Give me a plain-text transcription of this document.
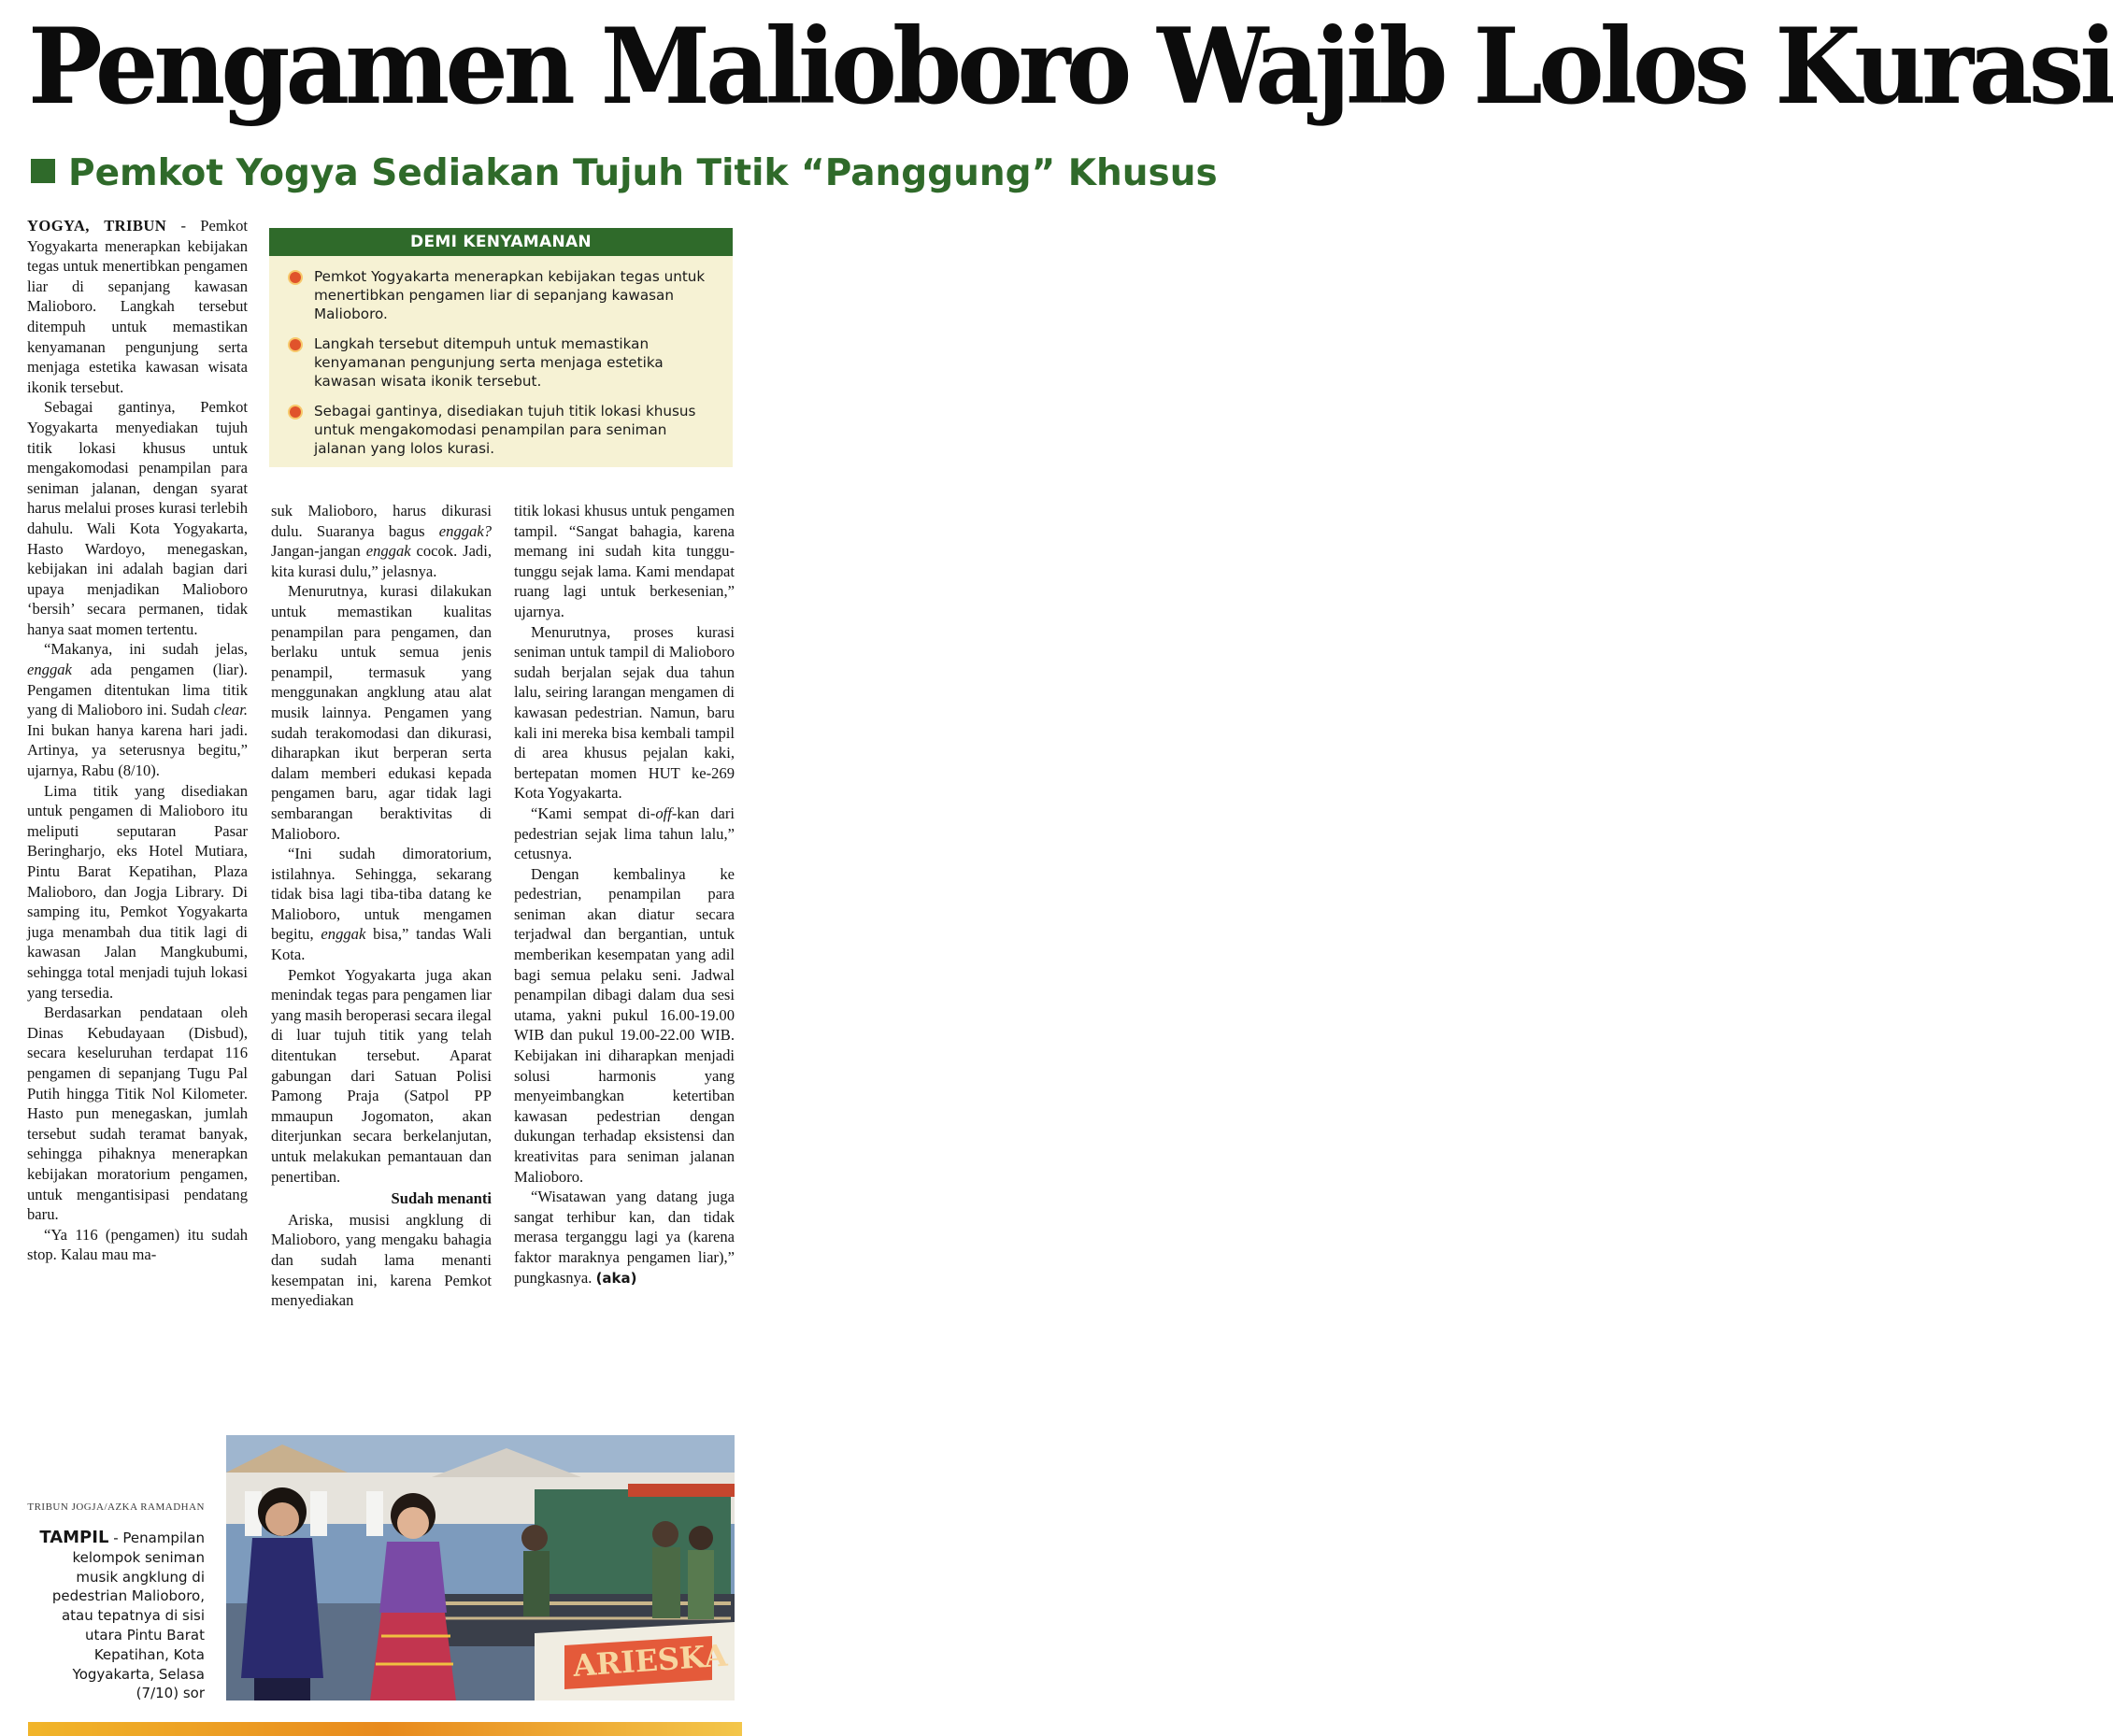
Pengamen Malioboro Wajib Lolos Kurasi
Pemkot Yogya Sediakan Tujuh Titik “Panggung” Khusus

YOGYA, TRIBUN - Pemkot Yogyakarta menerapkan kebijakan tegas untuk menertibkan pengamen liar di sepanjang kawasan Malioboro. Langkah tersebut ditempuh untuk memastikan kenyamanan pengunjung serta menjaga estetika kawasan wisata ikonik tersebut.

Sebagai gantinya, Pemkot Yogyakarta menyediakan tujuh titik lokasi khusus untuk mengakomodasi penampilan para seniman jalanan, dengan syarat harus melalui proses kurasi terlebih dahulu. Wali Kota Yogyakarta, Hasto Wardoyo, menegaskan, kebijakan ini adalah bagian dari upaya menjadikan Malioboro ‘bersih’ secara permanen, tidak hanya saat momen tertentu.

“Makanya, ini sudah jelas, enggak ada pengamen (liar). Pengamen ditentukan lima titik yang di Malioboro ini. Sudah clear. Ini bukan hanya karena hari jadi. Artinya, ya seterusnya begitu,” ujarnya, Rabu (8/10).

Lima titik yang disediakan untuk pengamen di Malioboro itu meliputi seputaran Pasar Beringharjo, eks Hotel Mutiara, Pintu Barat Kepatihan, Plaza Malioboro, dan Jogja Library. Di samping itu, Pemkot Yogyakarta juga menambah dua titik lagi di kawasan Jalan Mangkubumi, sehingga total menjadi tujuh lokasi yang tersedia.

Berdasarkan pendataan oleh Dinas Kebudayaan (Disbud), secara keseluruhan terdapat 116 pengamen di sepanjang Tugu Pal Putih hingga Titik Nol Kilometer. Hasto pun menegaskan, jumlah tersebut sudah teramat banyak, sehingga pihaknya menerapkan kebijakan moratorium pengamen, untuk mengantisipasi pendatang baru.

“Ya 116 (pengamen) itu sudah stop. Kalau mau ma-

DEMI KENYAMANAN
Pemkot Yogyakarta menerapkan kebijakan tegas untuk menertibkan pengamen liar di sepanjang kawasan Malioboro.
Langkah tersebut ditempuh untuk memastikan kenyamanan pengunjung serta menjaga estetika kawasan wisata ikonik tersebut.
Sebagai gantinya, disediakan tujuh titik lokasi khusus untuk mengakomodasi penampilan para seniman jalanan yang lolos kurasi.

suk Malioboro, harus dikurasi dulu. Suaranya bagus enggak? Jangan-jangan enggak cocok. Jadi, kita kurasi dulu,” jelasnya.

Menurutnya, kurasi dilakukan untuk memastikan kualitas penampilan para pengamen, dan berlaku untuk semua jenis penampil, termasuk yang menggunakan angklung atau alat musik lainnya. Pengamen yang sudah terakomodasi dan dikurasi, diharapkan ikut berperan serta dalam memberi edukasi kepada pengamen baru, agar tidak lagi sembarangan beraktivitas di Malioboro.

“Ini sudah dimoratorium, istilahnya. Sehingga, sekarang tidak bisa lagi tiba-tiba datang ke Malioboro, untuk mengamen begitu, enggak bisa,” tandas Wali Kota.

Pemkot Yogyakarta juga akan menindak tegas para pengamen liar yang masih beroperasi secara ilegal di luar tujuh titik yang telah ditentukan tersebut. Aparat gabungan dari Satuan Polisi Pamong Praja (Satpol PP mmaupun Jogomaton, akan diterjunkan secara berkelanjutan, untuk melakukan pemantauan dan penertiban.

Sudah menanti

Ariska, musisi angklung di Malioboro, yang mengaku bahagia dan sudah lama menanti kesempatan ini, karena Pemkot menyediakan

titik lokasi khusus untuk pengamen tampil. “Sangat bahagia, karena memang ini sudah kita tunggu-tunggu sejak lama. Kami mendapat ruang lagi untuk berkesenian,” ujarnya.

Menurutnya, proses kurasi seniman untuk tampil di Malioboro sudah berjalan sejak dua tahun lalu, seiring larangan mengamen di kawasan pedestrian. Namun, baru kali ini mereka bisa kembali tampil di area khusus pejalan kaki, bertepatan momen HUT ke-269 Kota Yogyakarta.

“Kami sempat di-off-kan dari pedestrian sejak lima tahun lalu,” cetusnya.

Dengan kembalinya ke pedestrian, penampilan para seniman akan diatur secara terjadwal dan bergantian, untuk memberikan kesempatan yang adil bagi semua pelaku seni. Jadwal penampilan dibagi dalam dua sesi utama, yakni pukul 16.00-19.00 WIB dan pukul 19.00-22.00 WIB. Kebijakan ini diharapkan menjadi solusi harmonis yang menyeimbangkan ketertiban kawasan pedestrian dengan dukungan terhadap eksistensi dan kreativitas para seniman jalanan Malioboro.

“Wisatawan yang datang juga sangat terhibur kan, dan tidak merasa terganggu lagi ya (karena faktor maraknya pengamen liar),” pungkasnya. (aka)

TRIBUN JOGJA/AZKA RAMADHAN
TAMPIL - Penampilan kelompok seniman musik angklung di pedestrian Malioboro, atau tepatnya di sisi utara Pintu Barat Kepatihan, Kota Yogyakarta, Selasa (7/10) sor
ARIESKA
